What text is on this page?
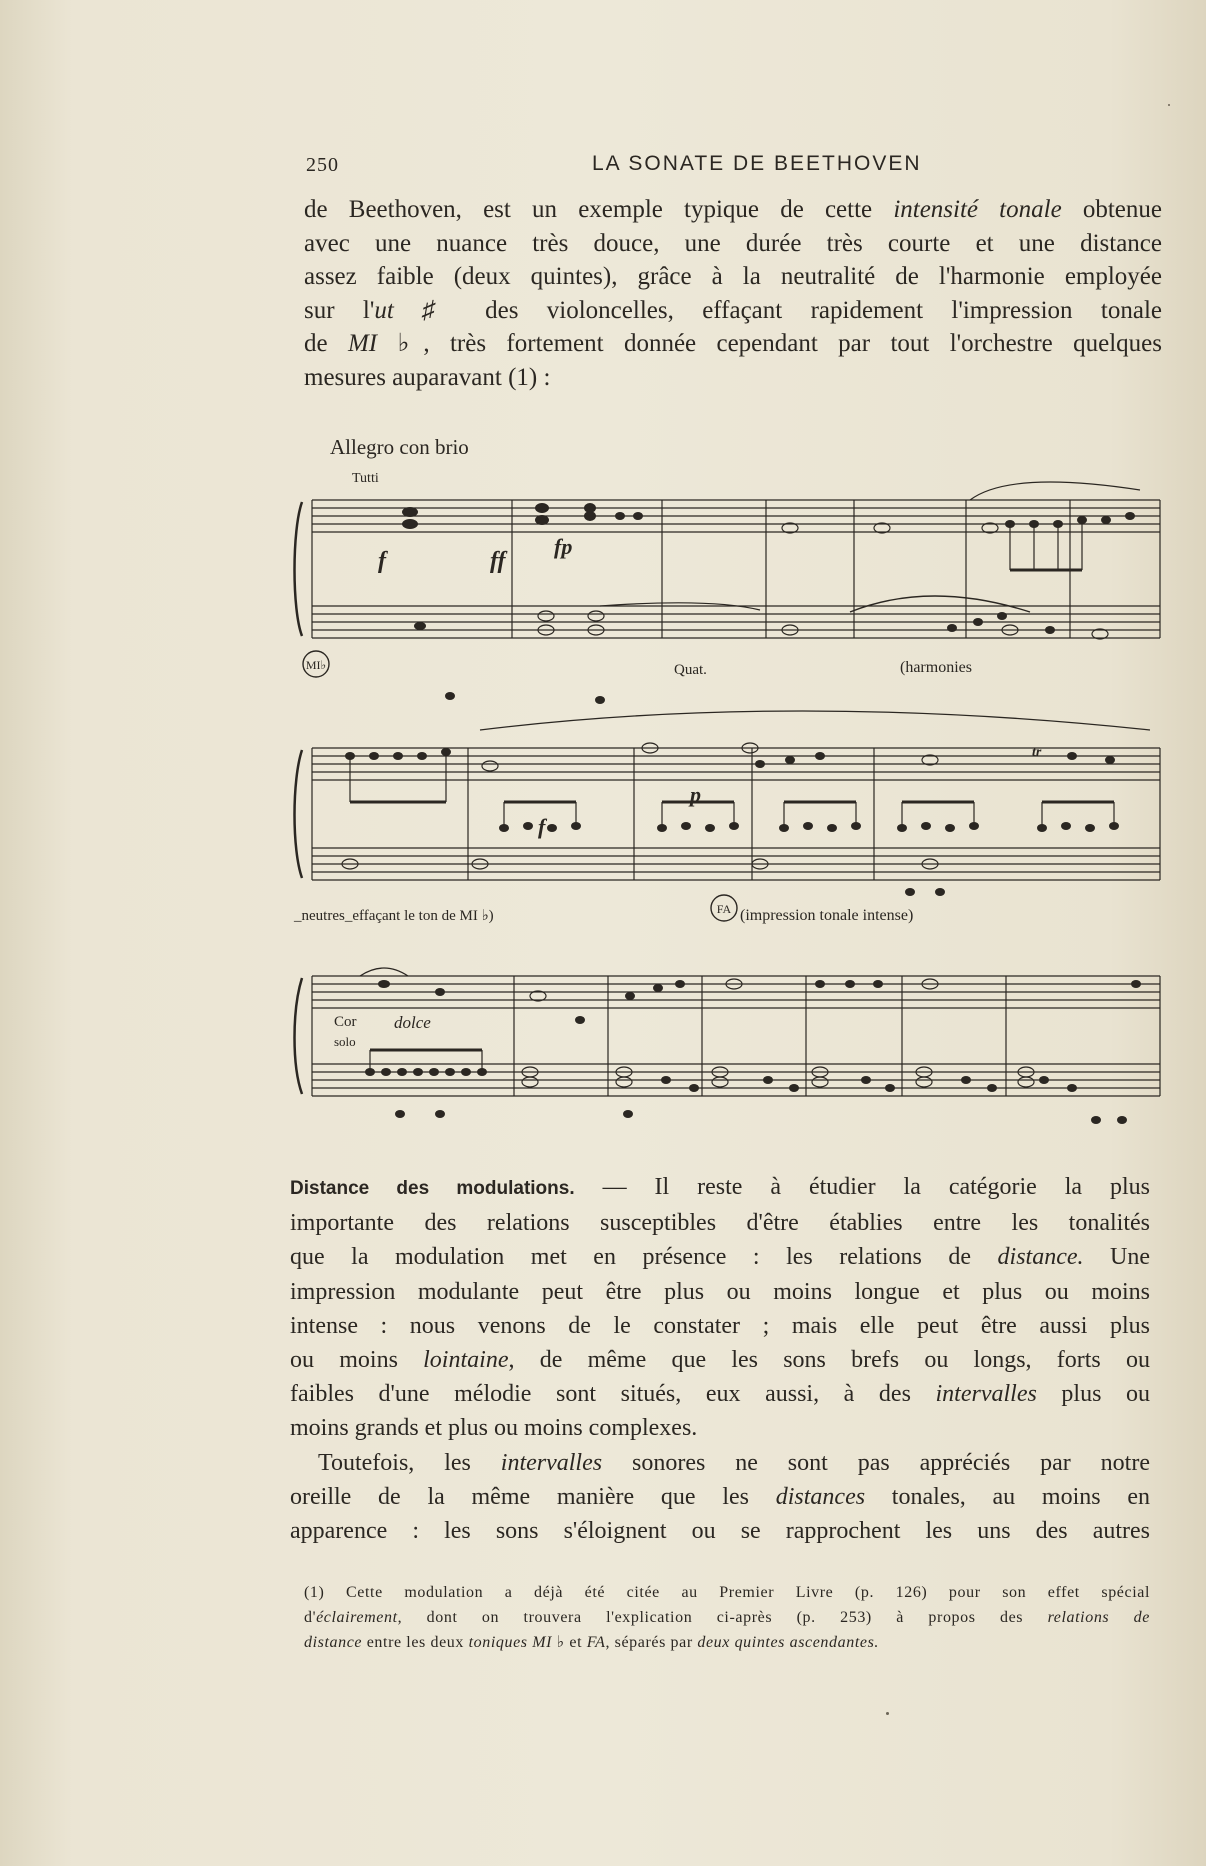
250	LA SONATE DE BEETHOVEN
de Beethoven, est un exemple typique de cette intensité tonale obtenue
avec une nuance très douce, une durée très courte et une distance
assez faible (deux quintes), grâce à la neutralité de l'harmonie employée
sur l'ut ♯ des violoncelles, effaçant rapidement l'impression tonale
de MI ♭, très fortement donnée cependant par tout l'orchestre quelques
mesures auparavant (1) :
Allegro con brio
Tutti
f	ff
fp
MI♭	Quat.	(harmonies
tr
p
f
_neutres_effaçant le ton de MI ♭)	FA (impression tonale intense)
dolce
Cor
solo
Distance des modulations. — Il reste à étudier la catégorie la plus
importante des relations susceptibles d'être établies entre les tonalités
que la modulation met en présence : les relations de distance. Une
impression modulante peut être plus ou moins longue et plus ou moins
intense : nous venons de le constater ; mais elle peut être aussi plus
ou moins lointaine, de même que les sons brefs ou longs, forts ou
faibles d'une mélodie sont situés, eux aussi, à des intervalles plus ou
moins grands et plus ou moins complexes.
Toutefois, les intervalles sonores ne sont pas appréciés par notre
oreille de la même manière que les distances tonales, au moins en
apparence : les sons s'éloignent ou se rapprochent les uns des autres
(1) Cette modulation a déjà été citée au Premier Livre (p. 126) pour son effet spécial
d'éclairement, dont on trouvera l'explication ci-après (p. 253) à propos des relations de
distance entre les deux toniques MI ♭ et FA, séparés par deux quintes ascendantes.
